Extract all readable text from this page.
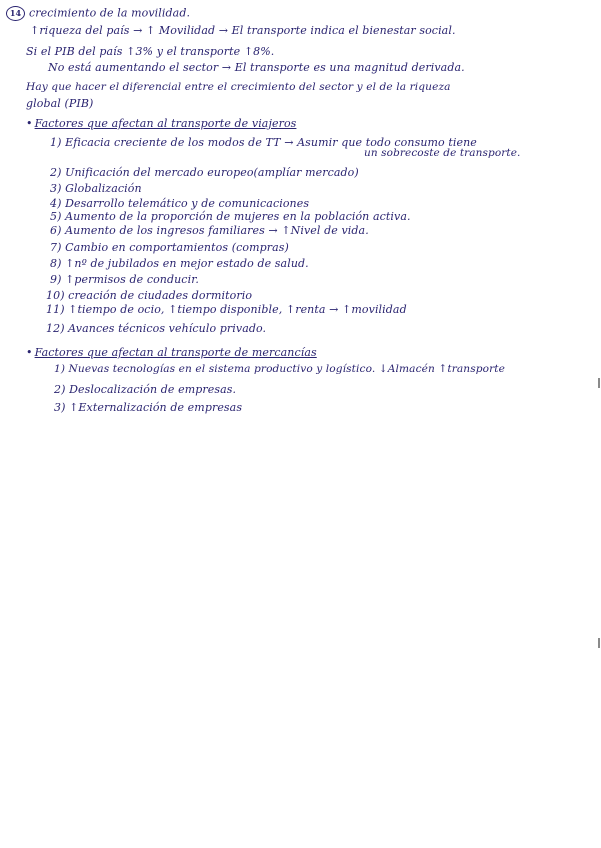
14 crecimiento de la movilidad.
↑riqueza del país → ↑ Movilidad → El transporte indica el bienestar social.
Si el PIB del país ↑3% y el transporte ↑8%.
No está aumentando el sector → El transporte es una magnitud derivada.
Hay que hacer el diferencial entre el crecimiento del sector y el de la riqueza
global (PIB)
• Factores que afectan al transporte de viajeros
1) Eficacia creciente de los modos de TT → Asumir que todo consumo tiene
un sobrecoste de transporte.
2) Unificación del mercado europeo(amplíar mercado)
3) Globalización
4) Desarrollo telemático y de comunicaciones
5) Aumento de la proporción de mujeres en la población activa.
6) Aumento de los ingresos familiares → ↑Nivel de vida.
7) Cambio en comportamientos (compras)
8) ↑nº de jubilados en mejor estado de salud.
9) ↑permisos de conducir.
10) creación de ciudades dormitorio
11) ↑tiempo de ocio, ↑tiempo disponible, ↑renta → ↑movilidad
12) Avances técnicos vehículo privado.
• Factores que afectan al transporte de mercancías
1) Nuevas tecnologías en el sistema productivo y logístico. ↓Almacén ↑transporte
2) Deslocalización de empresas.
3) ↑Externalización de empresas
